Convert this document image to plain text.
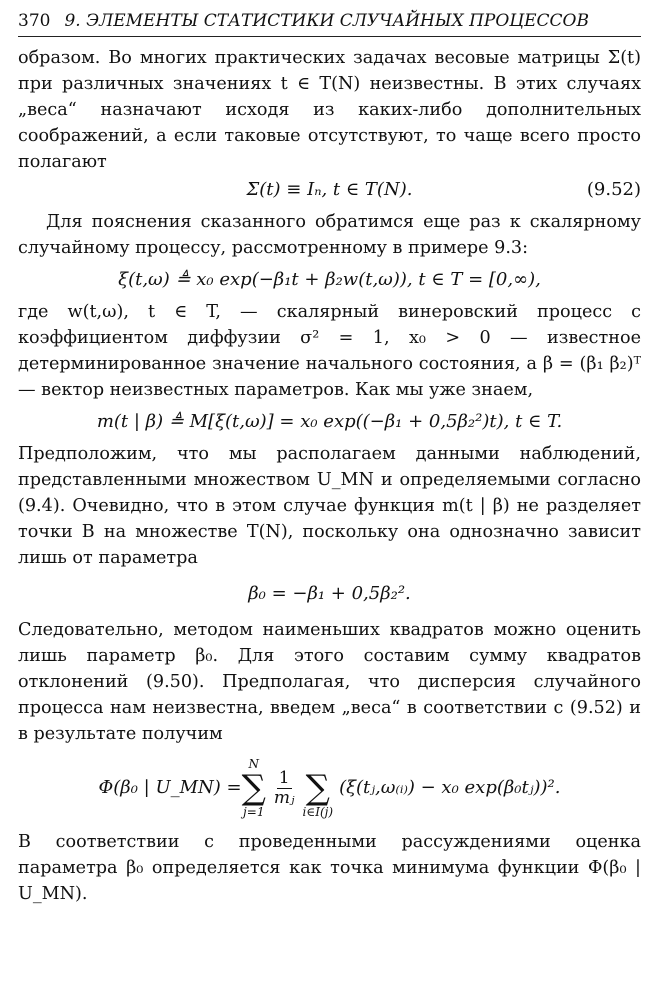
370 9. ЭЛЕМЕНТЫ СТАТИСТИКИ СЛУЧАЙНЫХ ПРОЦЕССОВ

образом. Во многих практических задачах весовые матрицы Σ(t) при различных значениях t ∈ T(N) неизвестны. В этих случаях „веса“ назначают исходя из каких-либо дополнительных соображений, а если таковые отсутствуют, то чаще всего просто полагают

Σ(t) ≡ Iₙ, t ∈ T(N).	(9.52)

Для пояснения сказанного обратимся еще раз к скалярному случайному процессу, рассмотренному в примере 9.3:

ξ(t,ω) ≜ x₀ exp(−β₁t + β₂w(t,ω)), t ∈ T = [0,∞),

где w(t,ω), t ∈ T, — скалярный винеровский процесс с коэффициентом диффузии σ² = 1, x₀ > 0 — известное детерминированное значение начального состояния, а β = (β₁ β₂)ᵀ — вектор неизвестных параметров. Как мы уже знаем,

m(t | β) ≜ M[ξ(t,ω)] = x₀ exp((−β₁ + 0,5β₂²)t), t ∈ T.

Предположим, что мы располагаем данными наблюдений, представленными множеством U_MN и определяемыми согласно (9.4). Очевидно, что в этом случае функция m(t | β) не разделяет точки B на множестве T(N), поскольку она однозначно зависит лишь от параметра

β₀ = −β₁ + 0,5β₂².

Следовательно, методом наименьших квадратов можно оценить лишь параметр β₀. Для этого составим сумму квадратов отклонений (9.50). Предполагая, что дисперсия случайного процесса нам неизвестна, введем „веса“ в соответствии с (9.52) и в результате получим

Φ(β₀ | U_MN) =
N
∑
j=1
$\frac{1}{\text{mⱼ}}$ ∑
i∈I(j)
(ξ(tⱼ,ω₍ᵢ₎) − x₀ exp(β₀tⱼ))².

В соответствии с проведенными рассуждениями оценка параметра β₀ определяется как точка минимума функции Φ(β₀ | U_MN).
